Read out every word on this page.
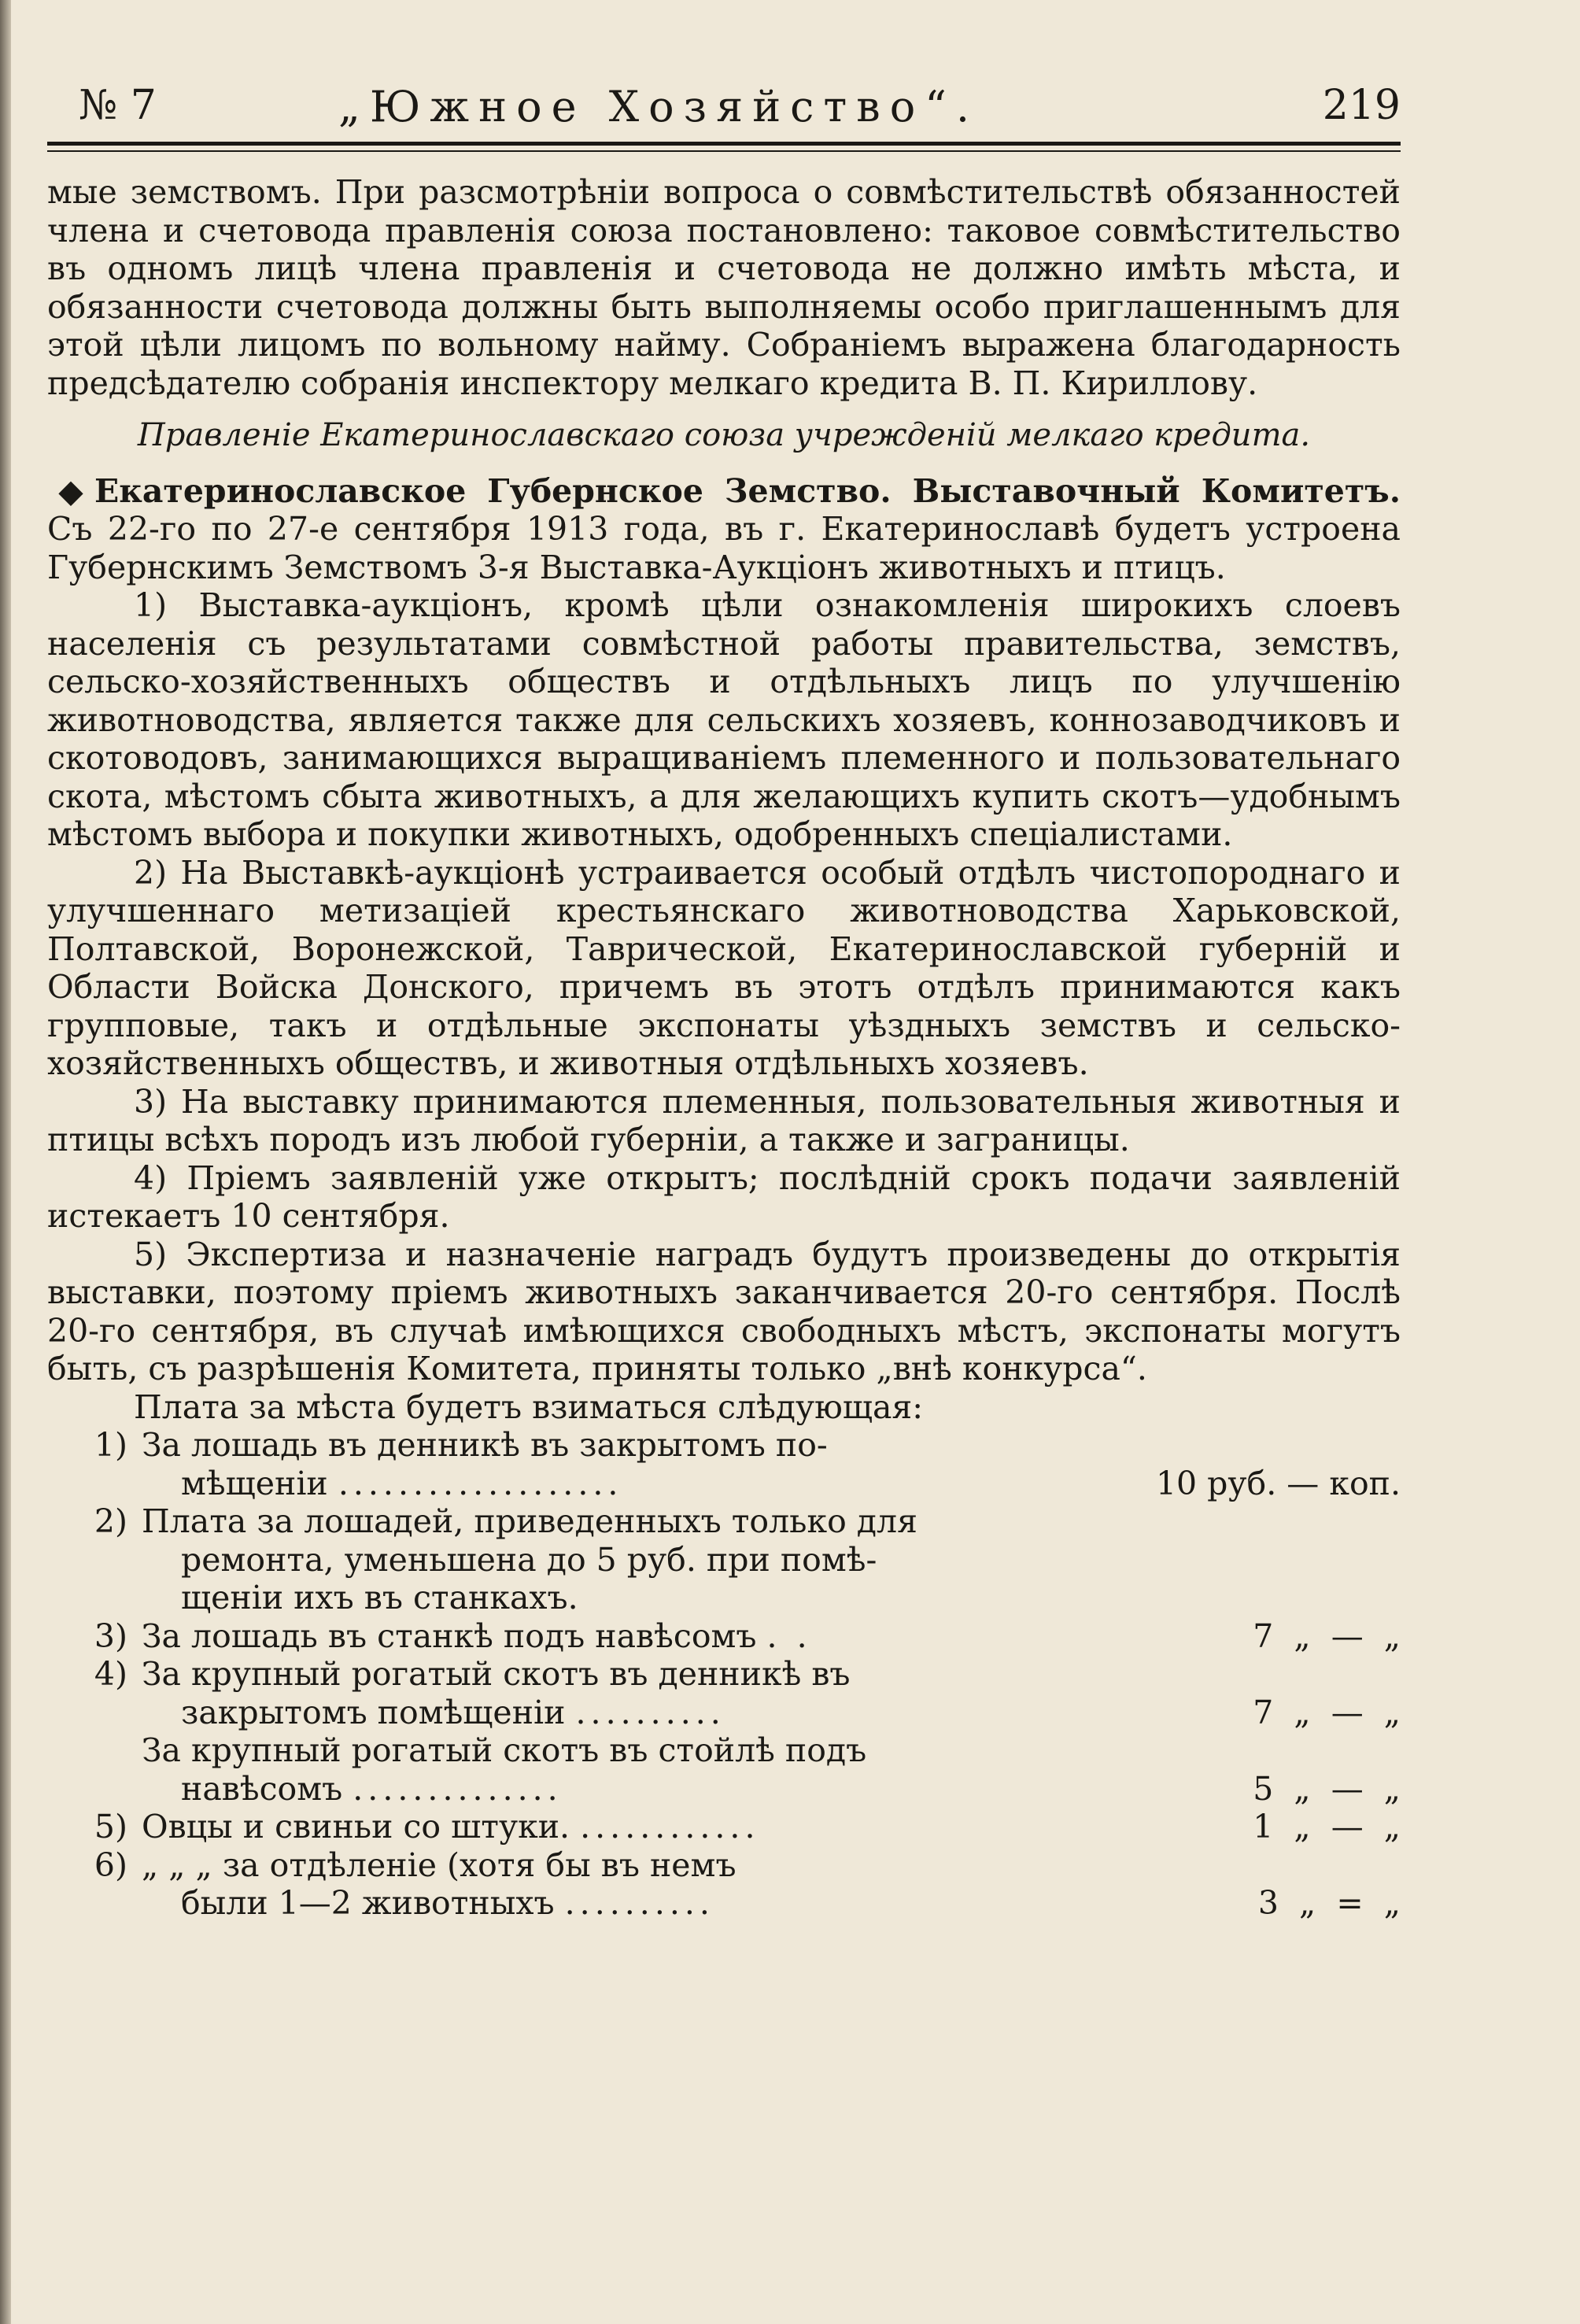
№ 7	„Южное Хозяйство“.	219

мые земствомъ. При разсмотрѣніи вопроса о совмѣстительствѣ обязанностей члена и счетовода правленія союза постановлено: таковое совмѣстительство въ одномъ лицѣ члена правленія и счетовода не должно имѣть мѣста, и обязанности счетовода должны быть выполняемы особо приглашеннымъ для этой цѣли лицомъ по вольному найму. Собраніемъ выражена благодарность предсѣдателю собранія инспектору мелкаго кредита В. П. Кириллову.

Правленіе Екатеринославскаго союза учрежденій мелкаго кредита.

◆ Екатеринославское Губернское Земство. Выставочный Комитетъ. Съ 22-го по 27-е сентября 1913 года, въ г. Екатеринославѣ будетъ устроена Губернскимъ Земствомъ 3-я Выставка-Аукціонъ животныхъ и птицъ.

1) Выставка-аукціонъ, кромѣ цѣли ознакомленія широкихъ слоевъ населенія съ результатами совмѣстной работы правительства, земствъ, сельско-хозяйственныхъ обществъ и отдѣльныхъ лицъ по улучшенію животноводства, является также для сельскихъ хозяевъ, коннозаводчиковъ и скотоводовъ, занимающихся выращиваніемъ племенного и пользовательнаго скота, мѣстомъ сбыта животныхъ, а для желающихъ купить скотъ—удобнымъ мѣстомъ выбора и покупки животныхъ, одобренныхъ спеціалистами.

2) На Выставкѣ-аукціонѣ устраивается особый отдѣлъ чистопороднаго и улучшеннаго метизаціей крестьянскаго животноводства Харьковской, Полтавской, Воронежской, Таврической, Екатеринославской губерній и Области Войска Донского, причемъ въ этотъ отдѣлъ принимаются какъ групповые, такъ и отдѣльные экспонаты уѣздныхъ земствъ и сельско-хозяйственныхъ обществъ, и животныя отдѣльныхъ хозяевъ.

3) На выставку принимаются племенныя, пользовательныя животныя и птицы всѣхъ породъ изъ любой губерніи, а также и заграницы.

4) Пріемъ заявленій уже открытъ; послѣдній срокъ подачи заявленій истекаетъ 10 сентября.

5) Экспертиза и назначеніе наградъ будутъ произведены до открытія выставки, поэтому пріемъ животныхъ заканчивается 20-го сентября. Послѣ 20-го сентября, въ случаѣ имѣющихся свободныхъ мѣстъ, экспонаты могутъ быть, съ разрѣшенія Комитета, приняты только „внѣ конкурса“.

Плата за мѣста будетъ взиматься слѣдующая:

1) За лошадь въ денникѣ въ закрытомъ по-
мѣщеніи ...................	10 руб. — коп.
2) Плата за лошадей, приведенныхъ только для
ремонта, уменьшена до 5 руб. при помѣ-
щеніи ихъ въ станкахъ.
3) За лошадь въ станкѣ подъ навѣсомъ . .	7  „  —  „
4) За крупный рогатый скотъ въ денникѣ въ
закрытомъ помѣщеніи ..........	7  „  —  „
За крупный рогатый скотъ въ стойлѣ подъ
навѣсомъ ..............	5  „  —  „
5) Овцы и свиньи со штуки. ............	1  „  —  „
6) „ „ „ за отдѣленіе (хотя бы въ немъ
были 1—2 животныхъ ..........	3  „  =  „
